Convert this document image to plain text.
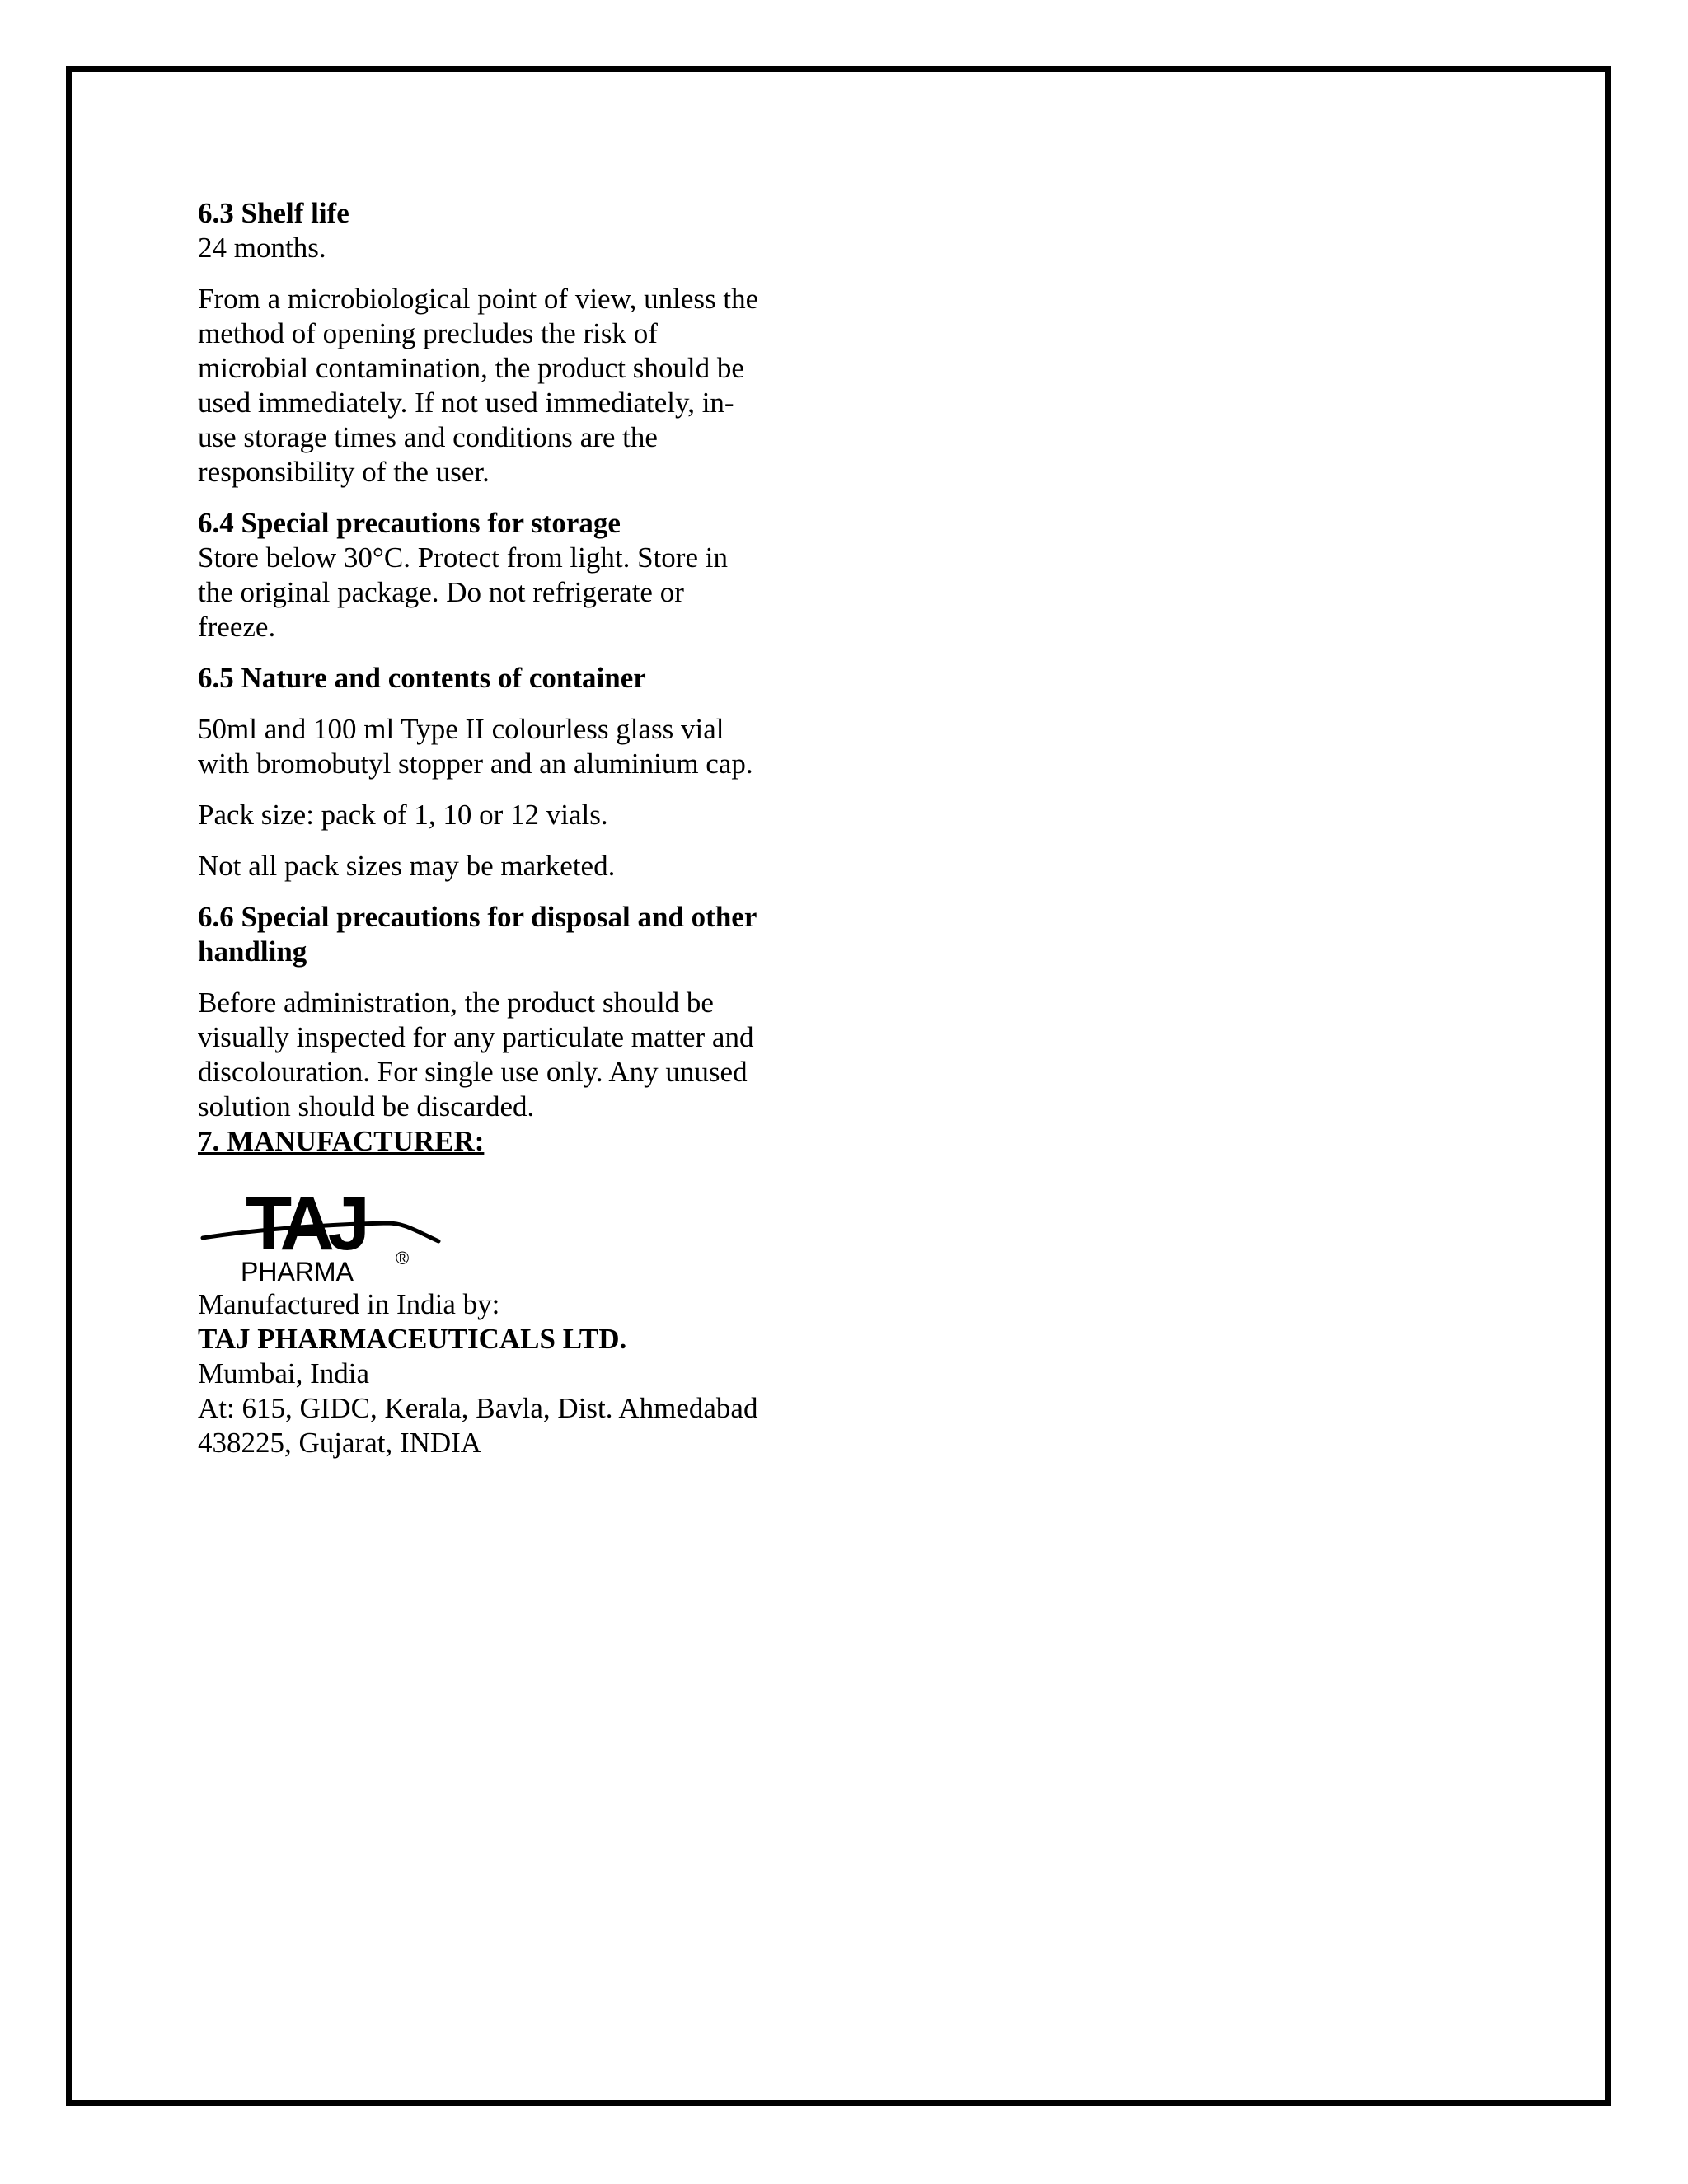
6.3 Shelf life

24 months.

From a microbiological point of view, unless the
method of opening precludes the risk of
microbial contamination, the product should be
used immediately. If not used immediately, in-
use storage times and conditions are the
responsibility of the user.

6.4 Special precautions for storage

Store below 30°C. Protect from light. Store in
the original package. Do not refrigerate or
freeze.

6.5 Nature and contents of container

50ml and 100 ml Type II colourless glass vial
with bromobutyl stopper and an aluminium cap.

Pack size: pack of 1, 10 or 12 vials.

Not all pack sizes may be marketed.

6.6 Special precautions for disposal and other
handling
Before administration, the product should be
visually inspected for any particulate matter and
discolouration. For single use only. Any unused
solution should be discarded.

7. MANUFACTURER:

TAJ
PHARMA ®

Manufactured in India by:

TAJ PHARMACEUTICALS LTD.

Mumbai, India

At: 615, GIDC, Kerala, Bavla, Dist. Ahmedabad
438225, Gujarat, INDIA
